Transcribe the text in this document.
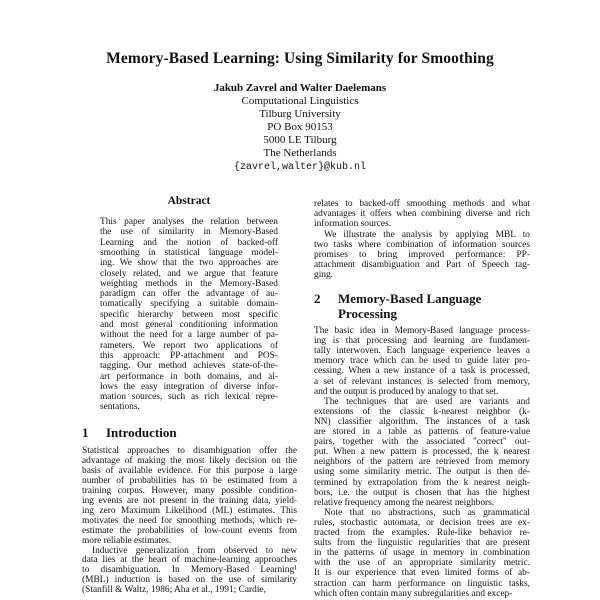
Memory-Based Learning: Using Similarity for Smoothing
Jakub Zavrel and Walter Daelemans
Computational Linguistics
Tilburg University
PO Box 90153
5000 LE Tilburg
The Netherlands
{zavrel,walter}@kub.nl
Abstract
1 Introduction
2 Memory-Based Language
Processing
This paper analyses the relation between
the use of similarity in Memory-Based
Learning and the notion of backed-off
smoothing in statistical language model-
ing. We show that the two approaches are
closely related, and we argue that feature
weighting methods in the Memory-Based
paradigm can offer the advantage of au-
tomatically specifying a suitable domain-
specific hierarchy between most specific
and most general conditioning information
without the need for a large number of pa-
rameters. We report two applications of
this approach: PP-attachment and POS-
tagging. Our method achieves state-of-the-
art performance in both domains, and al-
lows the easy integration of diverse infor-
mation sources, such as rich lexical repre-
sentations.
Statistical approaches to disambiguation offer the
advantage of making the most likely decision on the
basis of available evidence. For this purpose a large
number of probabilities has to be estimated from a
training corpus. However, many possible condition-
ing events are not present in the training data, yield-
ing zero Maximum Likelihood (ML) estimates. This
motivates the need for smoothing methods, which re-
estimate the probabilities of low-count events from
more reliable estimates.
Inductive generalization from observed to new
data lies at the heart of machine-learning approaches
to disambiguation. In Memory-Based Learning¹
(MBL) induction is based on the use of similarity
(Stanfill & Waltz, 1986; Aha et al., 1991; Cardie,
relates to backed-off smoothing methods and what
advantages it offers when combining diverse and rich
information sources.
We illustrate the analysis by applying MBL to
two tasks where combination of information sources
promises to bring improved performance: PP-
attachment disambiguation and Part of Speech tag-
ging.
The basic idea in Memory-Based language process-
ing is that processing and learning are fundamen-
tally interwoven. Each language experience leaves a
memory trace which can be used to guide later pro-
cessing. When a new instance of a task is processed,
a set of relevant instances is selected from memory,
and the output is produced by analogy to that set.
The techniques that are used are variants and
extensions of the classic k-nearest neighbor (k-
NN) classifier algorithm. The instances of a task
are stored in a table as patterns of feature-value
pairs, together with the associated "correct" out-
put. When a new pattern is processed, the k nearest
neighbors of the pattern are retrieved from memory
using some similarity metric. The output is then de-
termined by extrapolation from the k nearest neigh-
bors, i.e. the output is chosen that has the highest
relative frequency among the nearest neighbors.
Note that no abstractions, such as grammatical
rules, stochastic automata, or decision trees are ex-
tracted from the examples. Rule-like behavior re-
sults from the linguistic regularities that are present
in the patterns of usage in memory in combination
with the use of an appropriate similarity metric.
It is our experience that even limited forms of ab-
straction can harm performance on linguistic tasks,
which often contain many subregularities and excep-
